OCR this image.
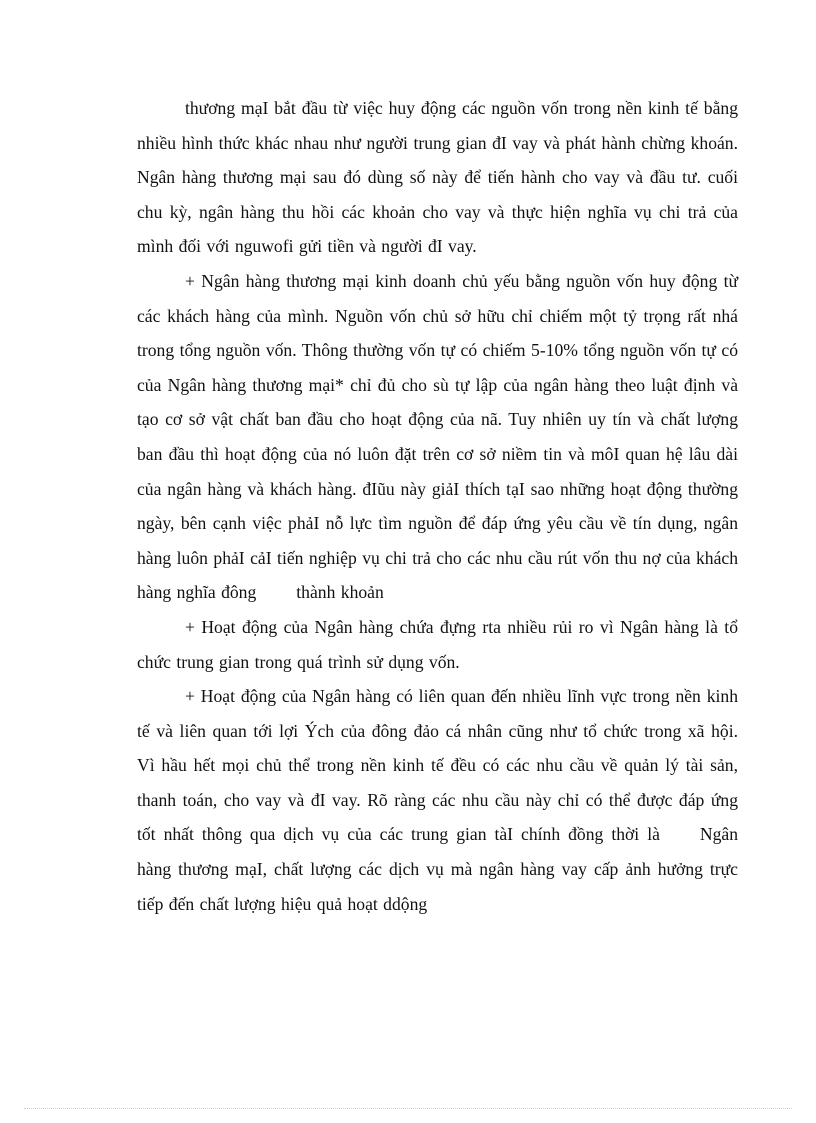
thương mạI bắt đầu từ việc huy động các nguồn vốn trong nền kinh tế bằng nhiều hình thức khác nhau như người trung gian đI vay và phát hành chừng khoán. Ngân hàng thương mại sau đó dùng số này để tiến hành cho vay và đầu tư. cuối chu kỳ, ngân hàng thu hồi các khoản cho vay và thực hiện nghĩa vụ chi trả của mình đối với nguwofi gửi tiền và người đI vay.

+ Ngân hàng thương mại kinh doanh chủ yếu bằng nguồn vốn huy động từ các khách hàng của mình. Nguồn vốn chủ sở hữu chỉ chiếm một tỷ trọng rất nhá trong tổng nguồn vốn. Thông thường vốn tự có chiếm 5-10% tổng nguồn vốn tự có của Ngân hàng thương mại* chỉ đủ cho sù tự lập của ngân hàng theo luật định và tạo cơ sở vật chất ban đầu cho hoạt động của nã. Tuy nhiên uy tín và chất lượng ban đầu thì hoạt động của nó luôn đặt trên cơ sở niềm tin và môI quan hệ lâu dài của ngân hàng và khách hàng. đIũu này giảI thích tạI sao những hoạt động thường ngày, bên cạnh việc phảI nỗ lực tìm nguồn để đáp ứng yêu cầu về tín dụng, ngân hàng luôn phảI cảI tiến nghiệp vụ chi trả cho các nhu cầu rút vốn thu nợ của khách hàng nghĩa đông thành khoản

+ Hoạt động của Ngân hàng chứa đựng rta nhiều rủi ro vì Ngân hàng là tổ chức trung gian trong quá trình sử dụng vốn.

+ Hoạt động của Ngân hàng có liên quan đến nhiều lĩnh vực trong nền kinh tế và liên quan tới lợi Ých của đông đảo cá nhân cũng như tổ chức trong xã hội. Vì hầu hết mọi chủ thể trong nền kinh tế đều có các nhu cầu về quản lý tài sản, thanh toán, cho vay và đI vay. Rõ ràng các nhu cầu này chỉ có thể được đáp ứng tốt nhất thông qua dịch vụ của các trung gian tàI chính đồng thời là Ngân hàng thương mạI, chất lượng các dịch vụ mà ngân hàng vay cấp ảnh hưởng trực tiếp đến chất lượng hiệu quả hoạt ddộng
